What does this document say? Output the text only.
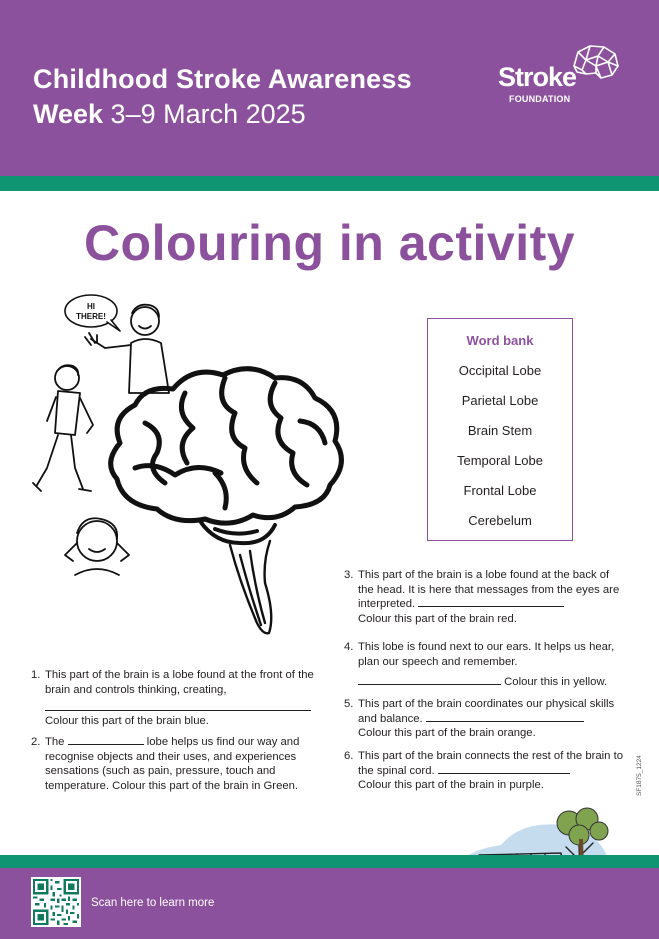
Childhood Stroke Awareness
Week 3–9 March 2025
Stroke
FOUNDATION
Colouring in activity
HI
THERE!
Word bank
Occipital Lobe
Parietal Lobe
Brain Stem
Temporal Lobe
Frontal Lobe
Cerebelum
3. This part of the brain is a lobe found at the back of the head. It is here that messages from the eyes are interpreted.
Colour this part of the brain red.
4. This lobe is found next to our ears. It helps us hear, plan our speech and remember.
Colour this in yellow.
5. This part of the brain coordinates our physical skills and balance.
Colour this part of the brain orange.
6. This part of the brain connects the rest of the brain to the spinal cord.
Colour this part of the brain in purple.
1. This part of the brain is a lobe found at the front of the brain and controls thinking, creating,
Colour this part of the brain blue.
2. The	lobe helps us find our way and recognise objects and their uses, and experiences sensations (such as pain, pressure, touch and temperature. Colour this part of the brain in Green.	SF1875_1224
Scan here to learn more
